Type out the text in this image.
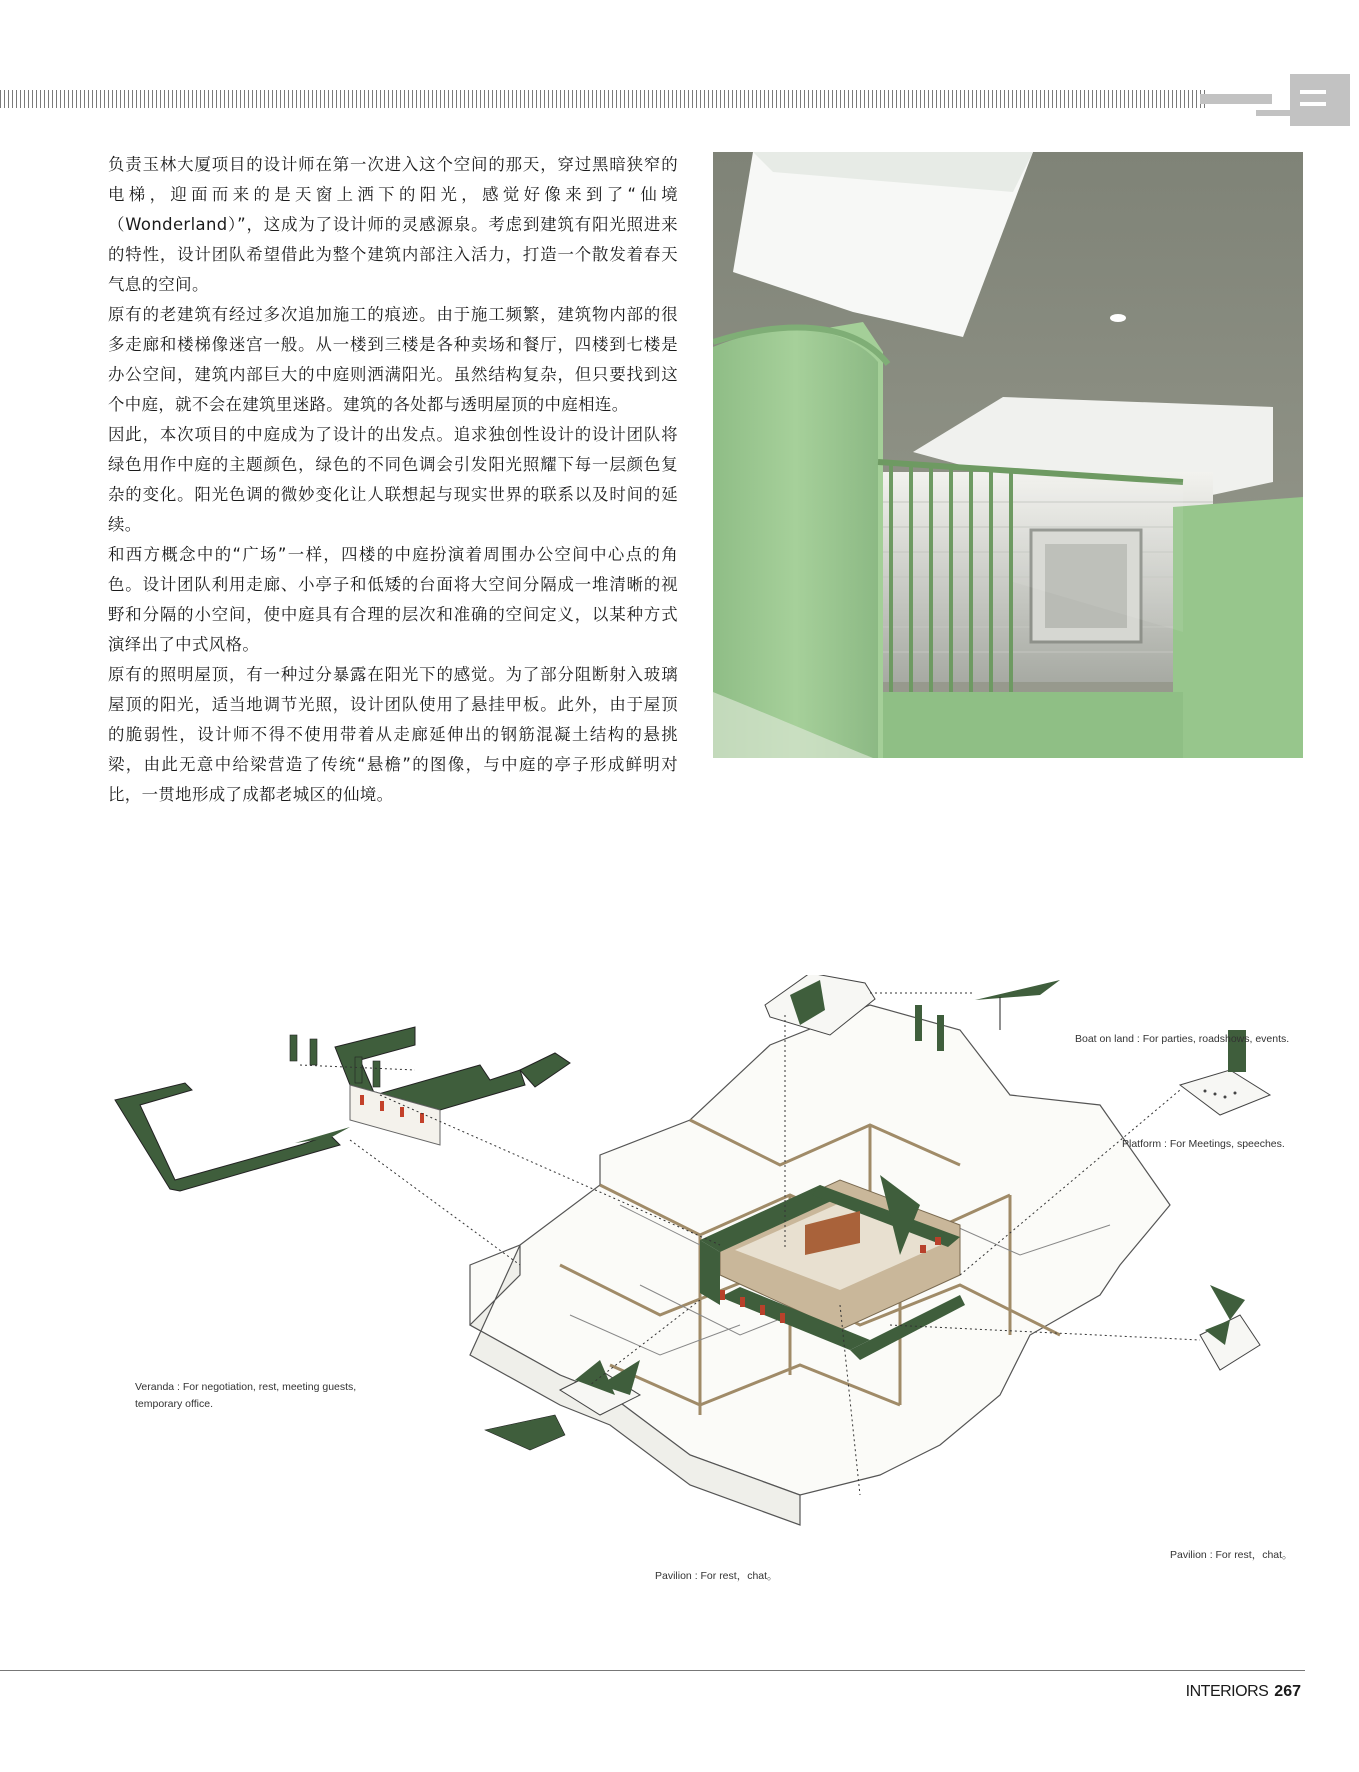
负责玉林大厦项目的设计师在第一次进入这个空间的那天，穿过黑暗狭窄的电梯，迎面而来的是天窗上洒下的阳光，感觉好像来到了“仙境（Wonderland）”，这成为了设计师的灵感源泉。考虑到建筑有阳光照进来的特性，设计团队希望借此为整个建筑内部注入活力，打造一个散发着春天气息的空间。

原有的老建筑有经过多次追加施工的痕迹。由于施工频繁，建筑物内部的很多走廊和楼梯像迷宫一般。从一楼到三楼是各种卖场和餐厅，四楼到七楼是办公空间，建筑内部巨大的中庭则洒满阳光。虽然结构复杂，但只要找到这个中庭，就不会在建筑里迷路。建筑的各处都与透明屋顶的中庭相连。

因此，本次项目的中庭成为了设计的出发点。追求独创性设计的设计团队将绿色用作中庭的主题颜色，绿色的不同色调会引发阳光照耀下每一层颜色复杂的变化。阳光色调的微妙变化让人联想起与现实世界的联系以及时间的延续。

和西方概念中的“广场”一样，四楼的中庭扮演着周围办公空间中心点的角色。设计团队利用走廊、小亭子和低矮的台面将大空间分隔成一堆清晰的视野和分隔的小空间，使中庭具有合理的层次和准确的空间定义，以某种方式演绎出了中式风格。

原有的照明屋顶，有一种过分暴露在阳光下的感觉。为了部分阻断射入玻璃屋顶的阳光，适当地调节光照，设计团队使用了悬挂甲板。此外，由于屋顶的脆弱性，设计师不得不使用带着从走廊延伸出的钢筋混凝土结构的悬挑梁，由此无意中给梁营造了传统“悬檐”的图像，与中庭的亭子形成鲜明对比，一贯地形成了成都老城区的仙境。

Boat on land : For parties, roadshows, events.
Platform : For Meetings, speeches.
Veranda : For negotiation, rest, meeting guests,
temporary office.
Pavilion : For rest，chat。
Pavilion : For rest，chat。
INTERIORS 267
